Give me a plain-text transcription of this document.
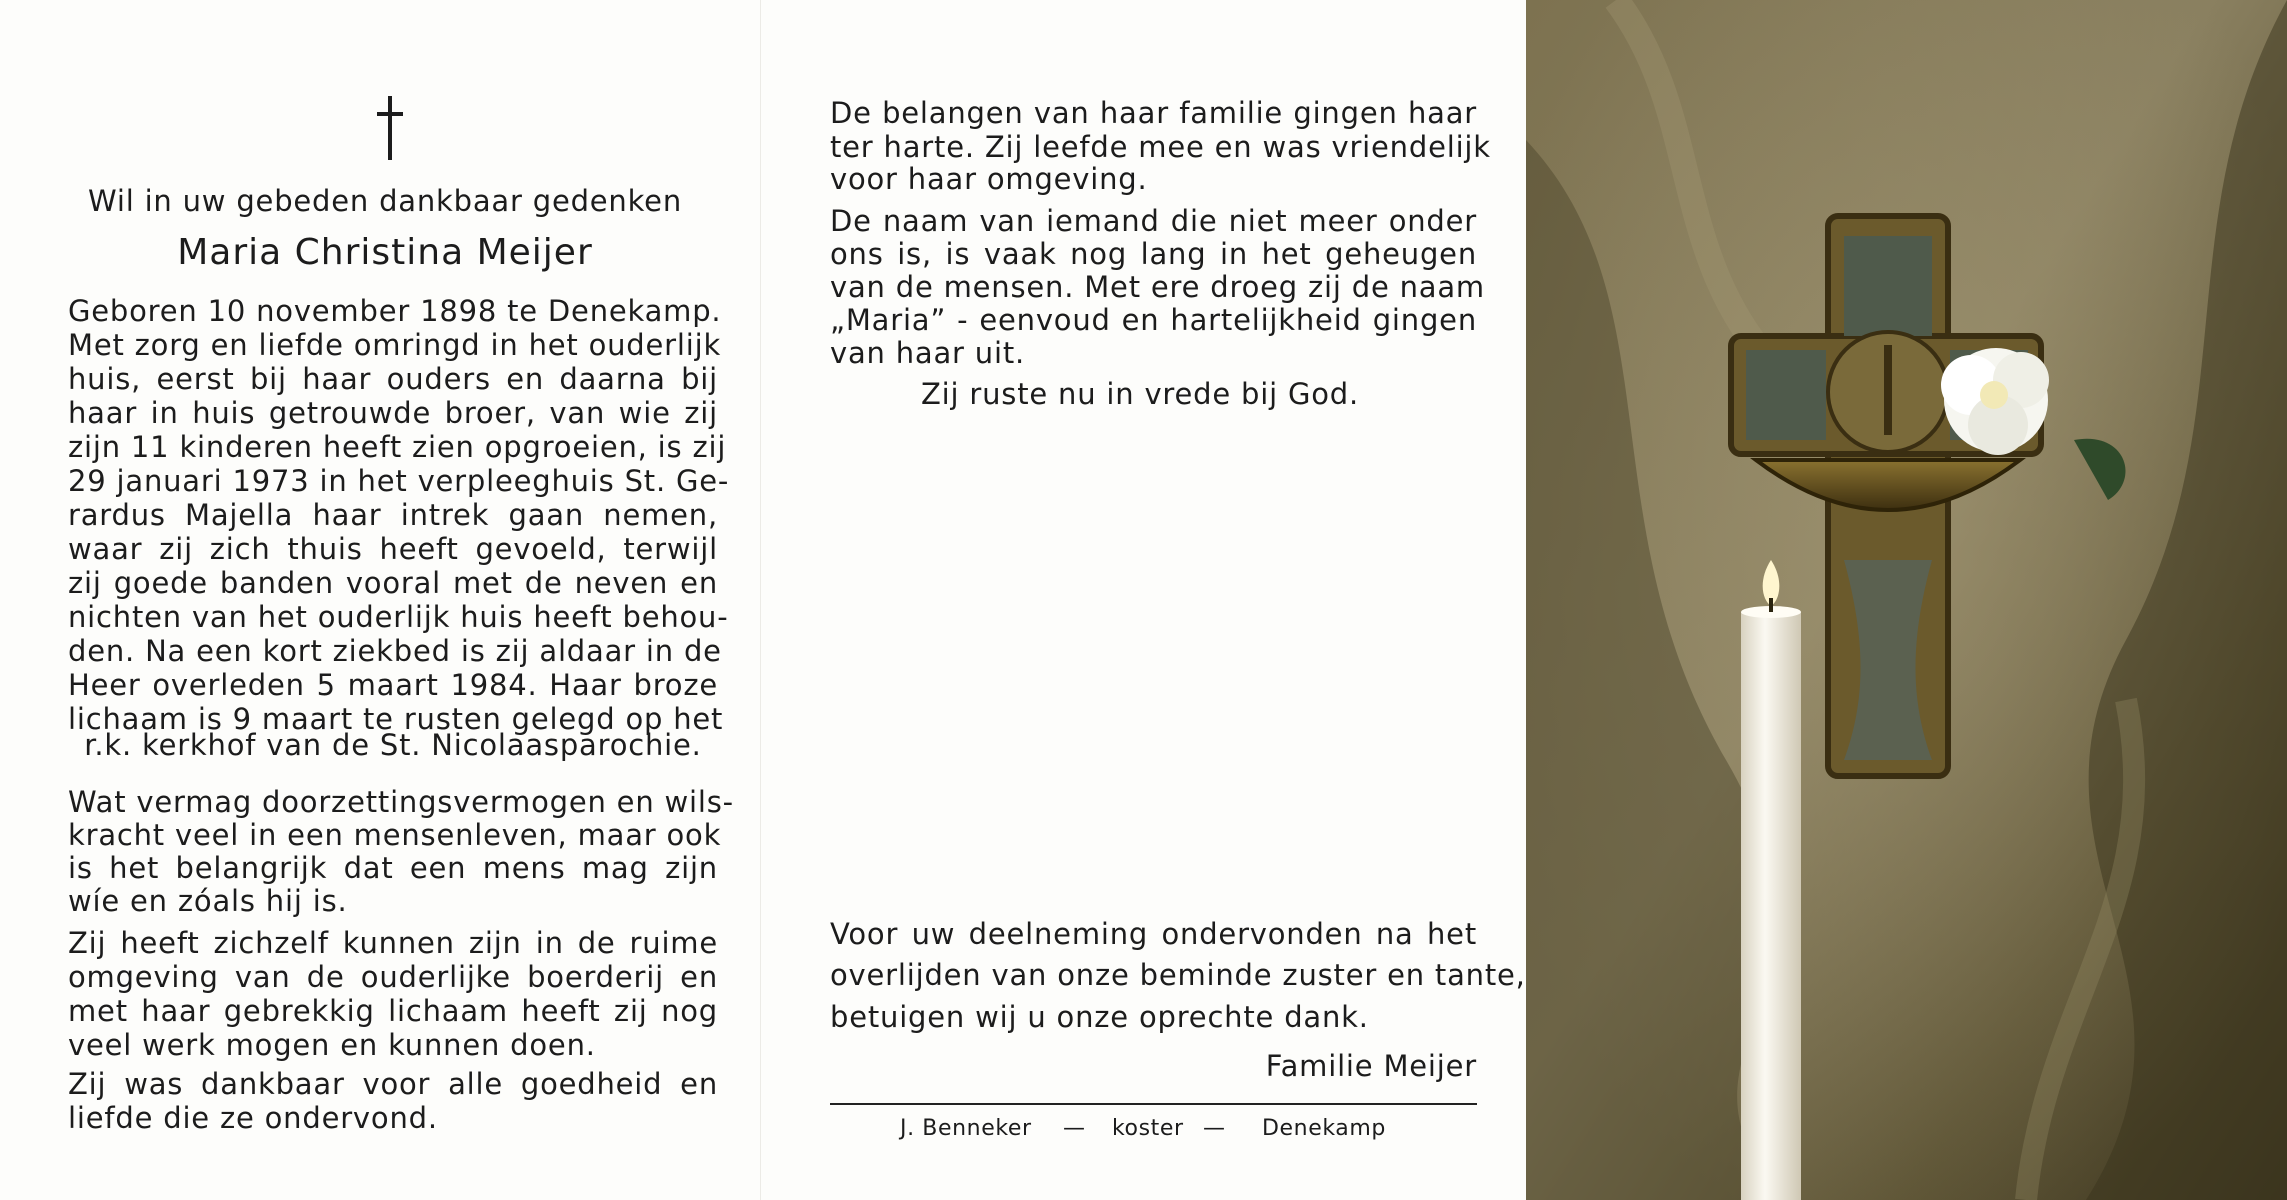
Wil in uw gebeden dankbaar gedenken
Maria Christina Meijer
Geboren 10 november 1898 te Denekamp.
Met zorg en liefde omringd in het ouderlijk
huis, eerst bij haar ouders en daarna bij
haar in huis getrouwde broer, van wie zij
zijn 11 kinderen heeft zien opgroeien, is zij
29 januari 1973 in het verpleeghuis St. Ge-
rardus Majella haar intrek gaan nemen,
waar zij zich thuis heeft gevoeld, terwijl
zij goede banden vooral met de neven en
nichten van het ouderlijk huis heeft behou-
den. Na een kort ziekbed is zij aldaar in de
Heer overleden 5 maart 1984. Haar broze
lichaam is 9 maart te rusten gelegd op het
r.k. kerkhof van de St. Nicolaasparochie.
Wat vermag doorzettingsvermogen en wils-
kracht veel in een mensenleven, maar ook
is het belangrijk dat een mens mag zijn
wíe en zóals hij is.
Zij heeft zichzelf kunnen zijn in de ruime
omgeving van de ouderlijke boerderij en
met haar gebrekkig lichaam heeft zij nog
veel werk mogen en kunnen doen.
Zij was dankbaar voor alle goedheid en
liefde die ze ondervond.
De belangen van haar familie gingen haar
ter harte. Zij leefde mee en was vriendelijk
voor haar omgeving.
De naam van iemand die niet meer onder
ons is, is vaak nog lang in het geheugen
van de mensen. Met ere droeg zij de naam
„Maria” - eenvoud en hartelijkheid gingen
van haar uit.
Zij ruste nu in vrede bij God.
Voor uw deelneming ondervonden na het
overlijden van onze beminde zuster en tante,
betuigen wij u onze oprechte dank.
Familie Meijer
J. Benneker — koster — Denekamp
